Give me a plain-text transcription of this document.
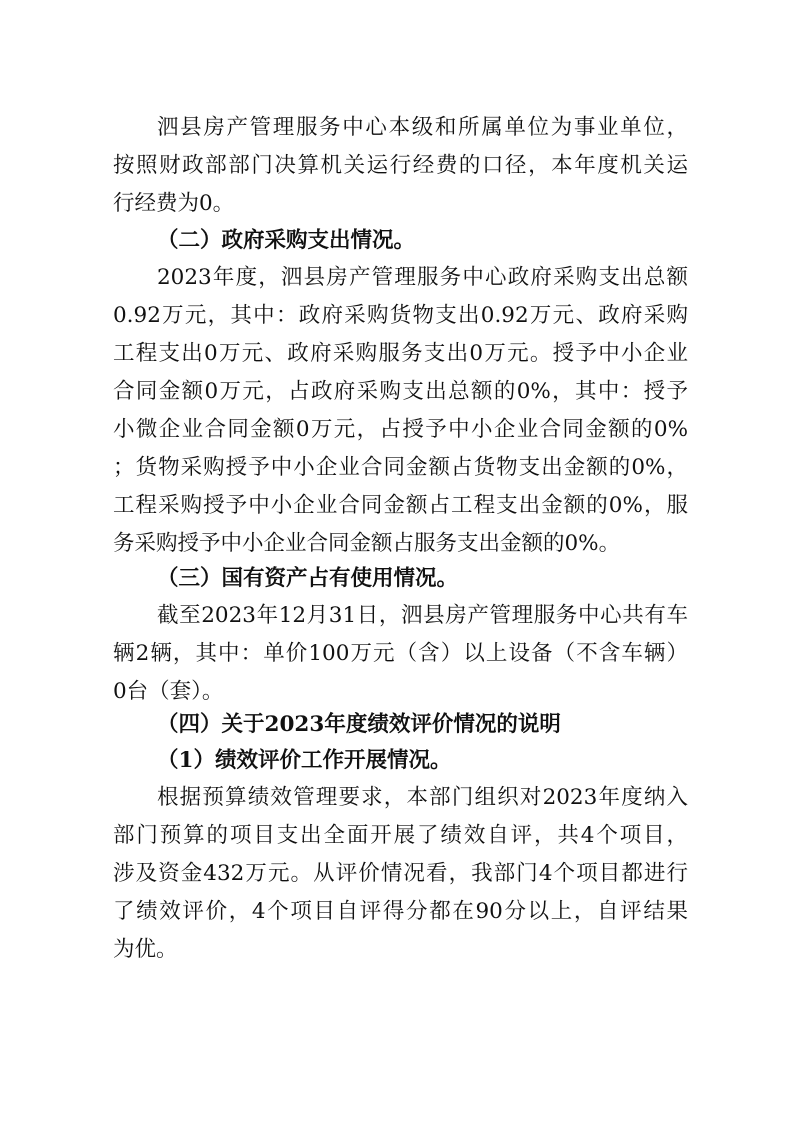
泗县房产管理服务中心本级和所属单位为事业单位，
按照财政部部门决算机关运行经费的口径，本年度机关运
行经费为0。
（二）政府采购支出情况。
2023年度，泗县房产管理服务中心政府采购支出总额
0.92万元，其中：政府采购货物支出0.92万元、政府采购
工程支出0万元、政府采购服务支出0万元。授予中小企业
合同金额0万元，占政府采购支出总额的0%，其中：授予
小微企业合同金额0万元，占授予中小企业合同金额的0%
；货物采购授予中小企业合同金额占货物支出金额的0%，
工程采购授予中小企业合同金额占工程支出金额的0%，服
务采购授予中小企业合同金额占服务支出金额的0%。
（三）国有资产占有使用情况。
截至2023年12月31日，泗县房产管理服务中心共有车
辆2辆，其中：单价100万元（含）以上设备（不含车辆）
0台（套）。
（四）关于2023年度绩效评价情况的说明
（1）绩效评价工作开展情况。
根据预算绩效管理要求，本部门组织对2023年度纳入
部门预算的项目支出全面开展了绩效自评，共4个项目，
涉及资金432万元。从评价情况看，我部门4个项目都进行
了绩效评价，4个项目自评得分都在90分以上，自评结果
为优。
